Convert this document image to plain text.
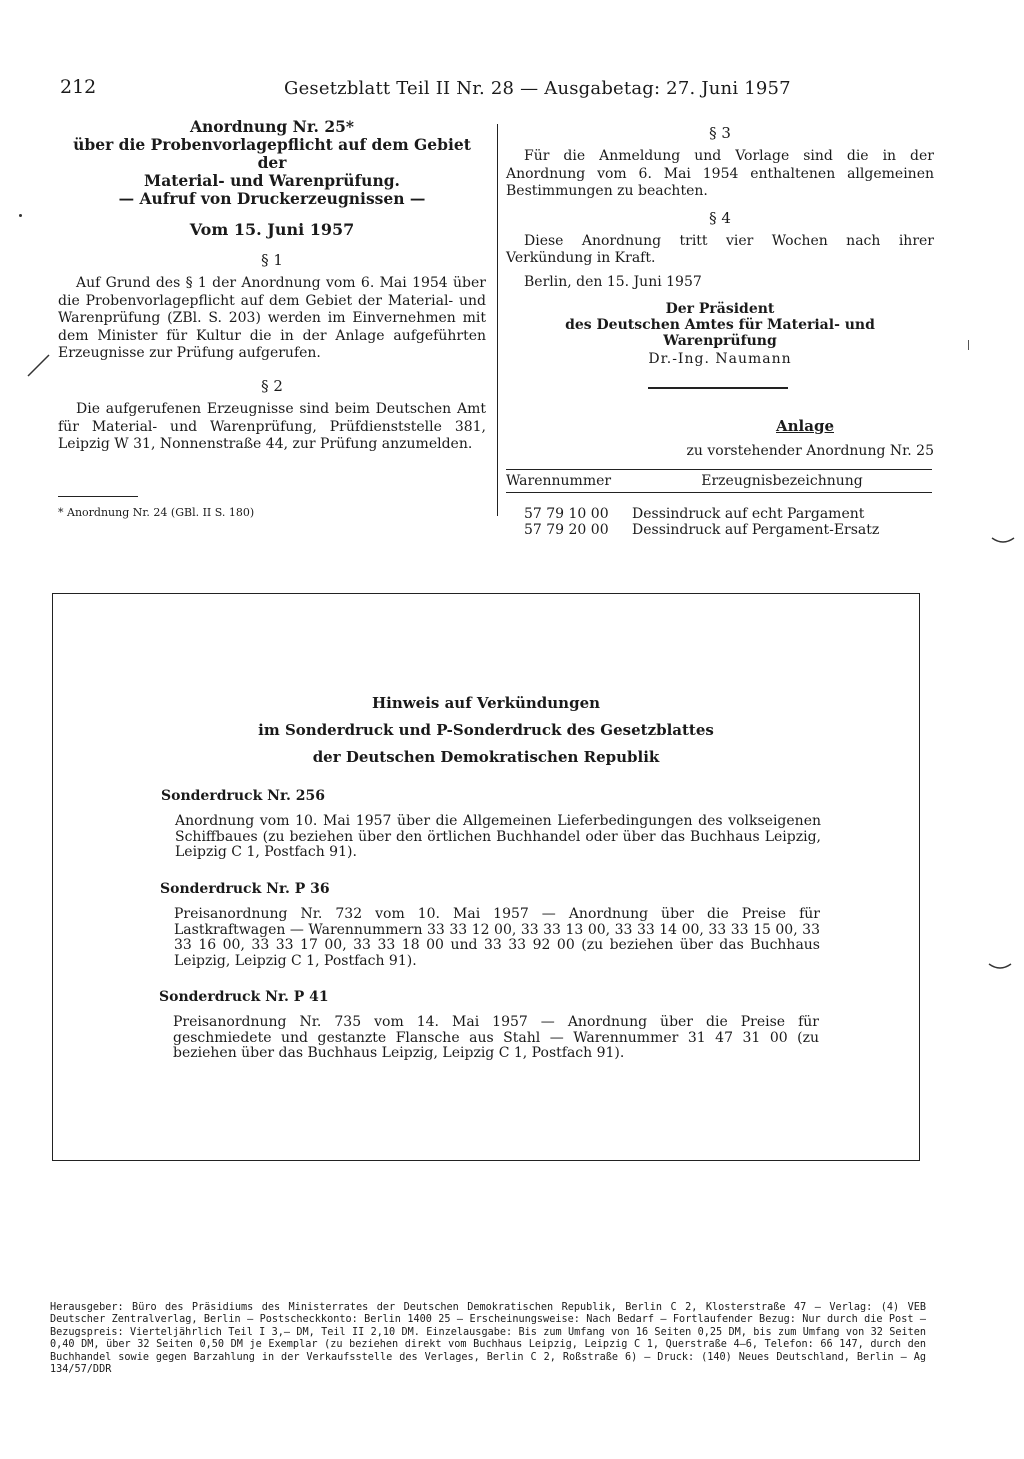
212	Gesetzblatt Teil II Nr. 28 — Ausgabetag: 27. Juni 1957
Anordnung Nr. 25*
über die Probenvorlagepflicht auf dem Gebiet der
Material- und Warenprüfung.
— Aufruf von Druckerzeugnissen —
Vom 15. Juni 1957
§ 1
Auf Grund des § 1 der Anordnung vom 6. Mai 1954 über die Probenvorlagepflicht auf dem Gebiet der Material- und Warenprüfung (ZBl. S. 203) werden im Einvernehmen mit dem Minister für Kultur die in der Anlage aufgeführten Erzeugnisse zur Prüfung aufgerufen.
§ 2
Die aufgerufenen Erzeugnisse sind beim Deutschen Amt für Material- und Warenprüfung, Prüfdienststelle 381, Leipzig W 31, Nonnenstraße 44, zur Prüfung anzumelden.
* Anordnung Nr. 24 (GBl. II S. 180)
§ 3
Für die Anmeldung und Vorlage sind die in der Anordnung vom 6. Mai 1954 enthaltenen allgemeinen Bestimmungen zu beachten.
§ 4
Diese Anordnung tritt vier Wochen nach ihrer Verkündung in Kraft.
Berlin, den 15. Juni 1957
Der Präsident
des Deutschen Amtes für Material- und Warenprüfung
Dr.-Ing. Naumann
Anlage
zu vorstehender Anordnung Nr. 25
Warennummer	Erzeugnisbezeichnung
57 79 10 00	Dessindruck auf echt Pargament
57 79 20 00	Dessindruck auf Pergament-Ersatz
Hinweis auf Verkündungen
im Sonderdruck und P-Sonderdruck des Gesetzblattes
der Deutschen Demokratischen Republik
Sonderdruck Nr. 256
Anordnung vom 10. Mai 1957 über die Allgemeinen Lieferbedingungen des volkseigenen Schiffbaues (zu beziehen über den örtlichen Buchhandel oder über das Buchhaus Leipzig, Leipzig C 1, Postfach 91).
Sonderdruck Nr. P 36
Preisanordnung Nr. 732 vom 10. Mai 1957 — Anordnung über die Preise für Lastkraftwagen — Warennummern 33 33 12 00, 33 33 13 00, 33 33 14 00, 33 33 15 00, 33 33 16 00, 33 33 17 00, 33 33 18 00 und 33 33 92 00 (zu beziehen über das Buchhaus Leipzig, Leipzig C 1, Postfach 91).
Sonderdruck Nr. P 41
Preisanordnung Nr. 735 vom 14. Mai 1957 — Anordnung über die Preise für geschmiedete und gestanzte Flansche aus Stahl — Warennummer 31 47 31 00 (zu beziehen über das Buchhaus Leipzig, Leipzig C 1, Postfach 91).
Herausgeber: Büro des Präsidiums des Ministerrates der Deutschen Demokratischen Republik, Berlin C 2, Klosterstraße 47 — Verlag: (4) VEB Deutscher Zentralverlag, Berlin — Postscheckkonto: Berlin 1400 25 — Erscheinungsweise: Nach Bedarf — Fortlaufender Bezug: Nur durch die Post — Bezugspreis: Vierteljährlich Teil I 3,— DM, Teil II 2,10 DM. Einzelausgabe: Bis zum Umfang von 16 Seiten 0,25 DM, bis zum Umfang von 32 Seiten 0,40 DM, über 32 Seiten 0,50 DM je Exemplar (zu beziehen direkt vom Buchhaus Leipzig, Leipzig C 1, Querstraße 4—6, Telefon: 66 147, durch den Buchhandel sowie gegen Barzahlung in der Verkaufsstelle des Verlages, Berlin C 2, Roßstraße 6) — Druck: (140) Neues Deutschland, Berlin — Ag 134/57/DDR
